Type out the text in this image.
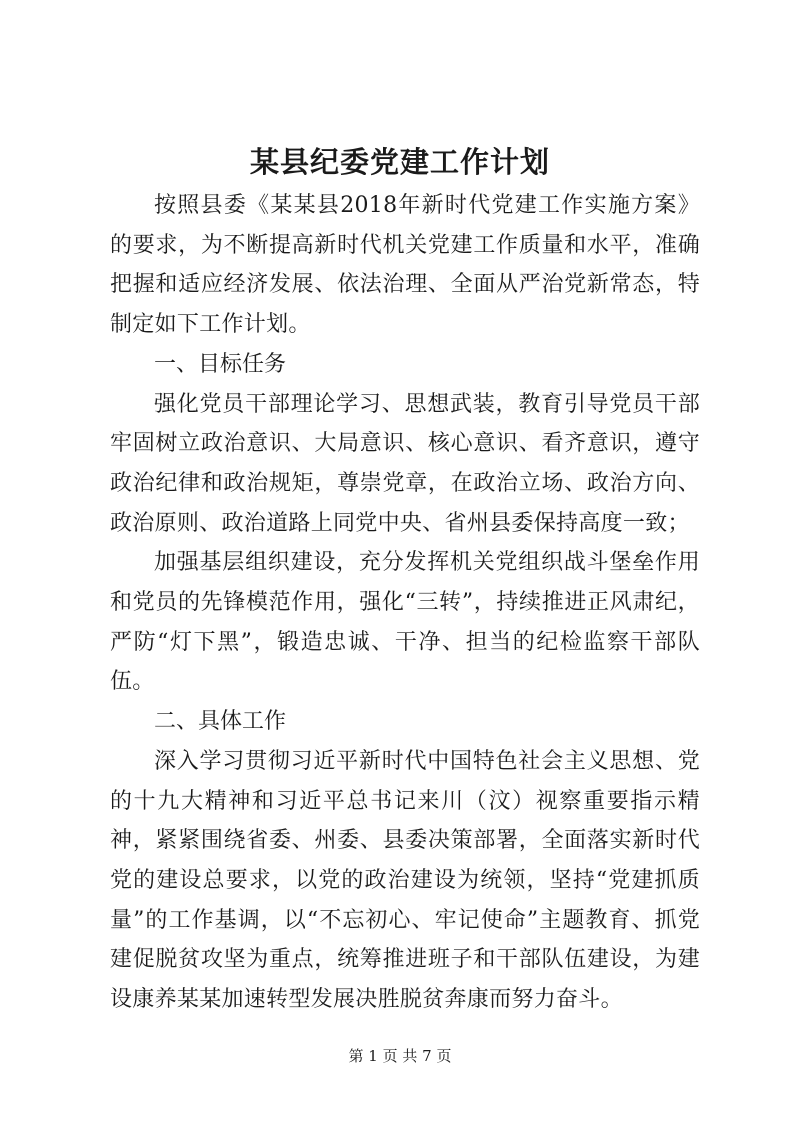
某县纪委党建工作计划

按照县委《某某县2018年新时代党建工作实施方案》的要求，为不断提高新时代机关党建工作质量和水平，准确把握和适应经济发展、依法治理、全面从严治党新常态，特制定如下工作计划。

一、目标任务

强化党员干部理论学习、思想武装，教育引导党员干部牢固树立政治意识、大局意识、核心意识、看齐意识，遵守政治纪律和政治规矩，尊崇党章，在政治立场、政治方向、政治原则、政治道路上同党中央、省州县委保持高度一致；

加强基层组织建设，充分发挥机关党组织战斗堡垒作用和党员的先锋模范作用，强化“三转”，持续推进正风肃纪，严防“灯下黑”，锻造忠诚、干净、担当的纪检监察干部队伍。

二、具体工作

深入学习贯彻习近平新时代中国特色社会主义思想、党的十九大精神和习近平总书记来川（汶）视察重要指示精神，紧紧围绕省委、州委、县委决策部署，全面落实新时代党的建设总要求，以党的政治建设为统领，坚持“党建抓质量”的工作基调，以“不忘初心、牢记使命”主题教育、抓党建促脱贫攻坚为重点，统筹推进班子和干部队伍建设，为建设康养某某加速转型发展决胜脱贫奔康而努力奋斗。

第 1 页 共 7 页
